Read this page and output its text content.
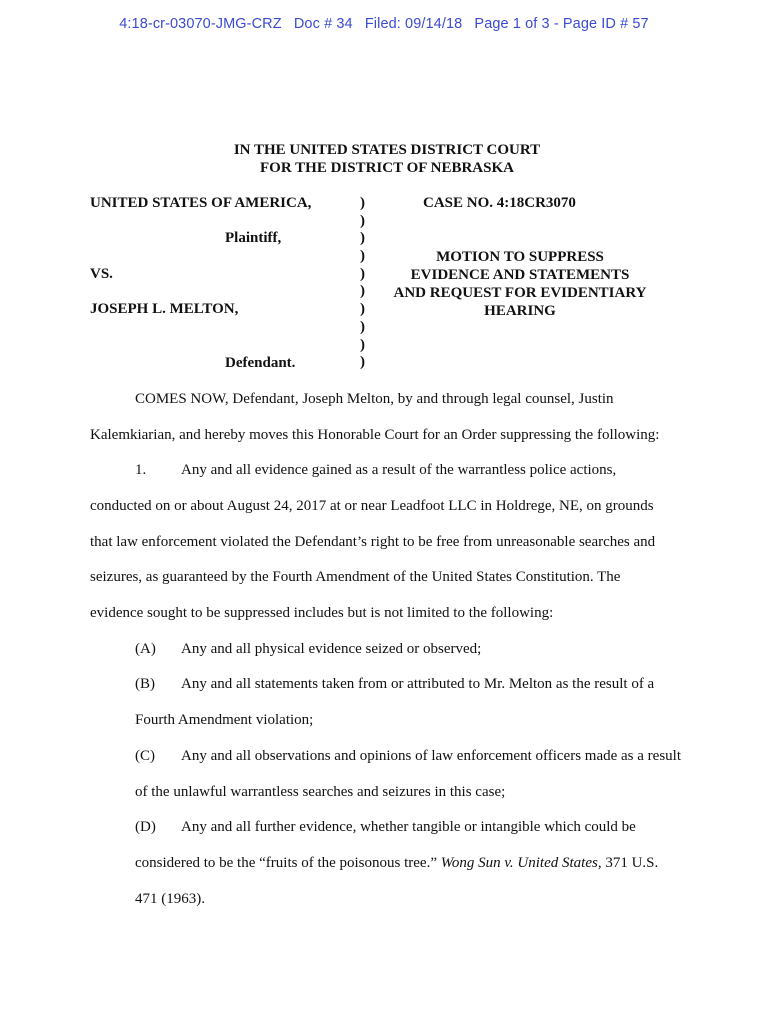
4:18-cr-03070-JMG-CRZ Doc # 34 Filed: 09/14/18 Page 1 of 3 - Page ID # 57
IN THE UNITED STATES DISTRICT COURT
FOR THE DISTRICT OF NEBRASKA
UNITED STATES OF AMERICA,
Plaintiff,
VS.
JOSEPH L. MELTON,
Defendant.
)
)
)
)
)
)
)
)
)
)
CASE NO. 4:18CR3070
MOTION TO SUPPRESS
EVIDENCE AND STATEMENTS
AND REQUEST FOR EVIDENTIARY
HEARING
COMES NOW, Defendant, Joseph Melton, by and through legal counsel, Justin
Kalemkiarian, and hereby moves this Honorable Court for an Order suppressing the following:
1. Any and all evidence gained as a result of the warrantless police actions,
conducted on or about August 24, 2017 at or near Leadfoot LLC in Holdrege, NE, on grounds
that law enforcement violated the Defendant’s right to be free from unreasonable searches and
seizures, as guaranteed by the Fourth Amendment of the United States Constitution. The
evidence sought to be suppressed includes but is not limited to the following:
(A) Any and all physical evidence seized or observed;
(B) Any and all statements taken from or attributed to Mr. Melton as the result of a
Fourth Amendment violation;
(C) Any and all observations and opinions of law enforcement officers made as a result
of the unlawful warrantless searches and seizures in this case;
(D) Any and all further evidence, whether tangible or intangible which could be
considered to be the “fruits of the poisonous tree.” Wong Sun v. United States, 371 U.S.
471 (1963).
